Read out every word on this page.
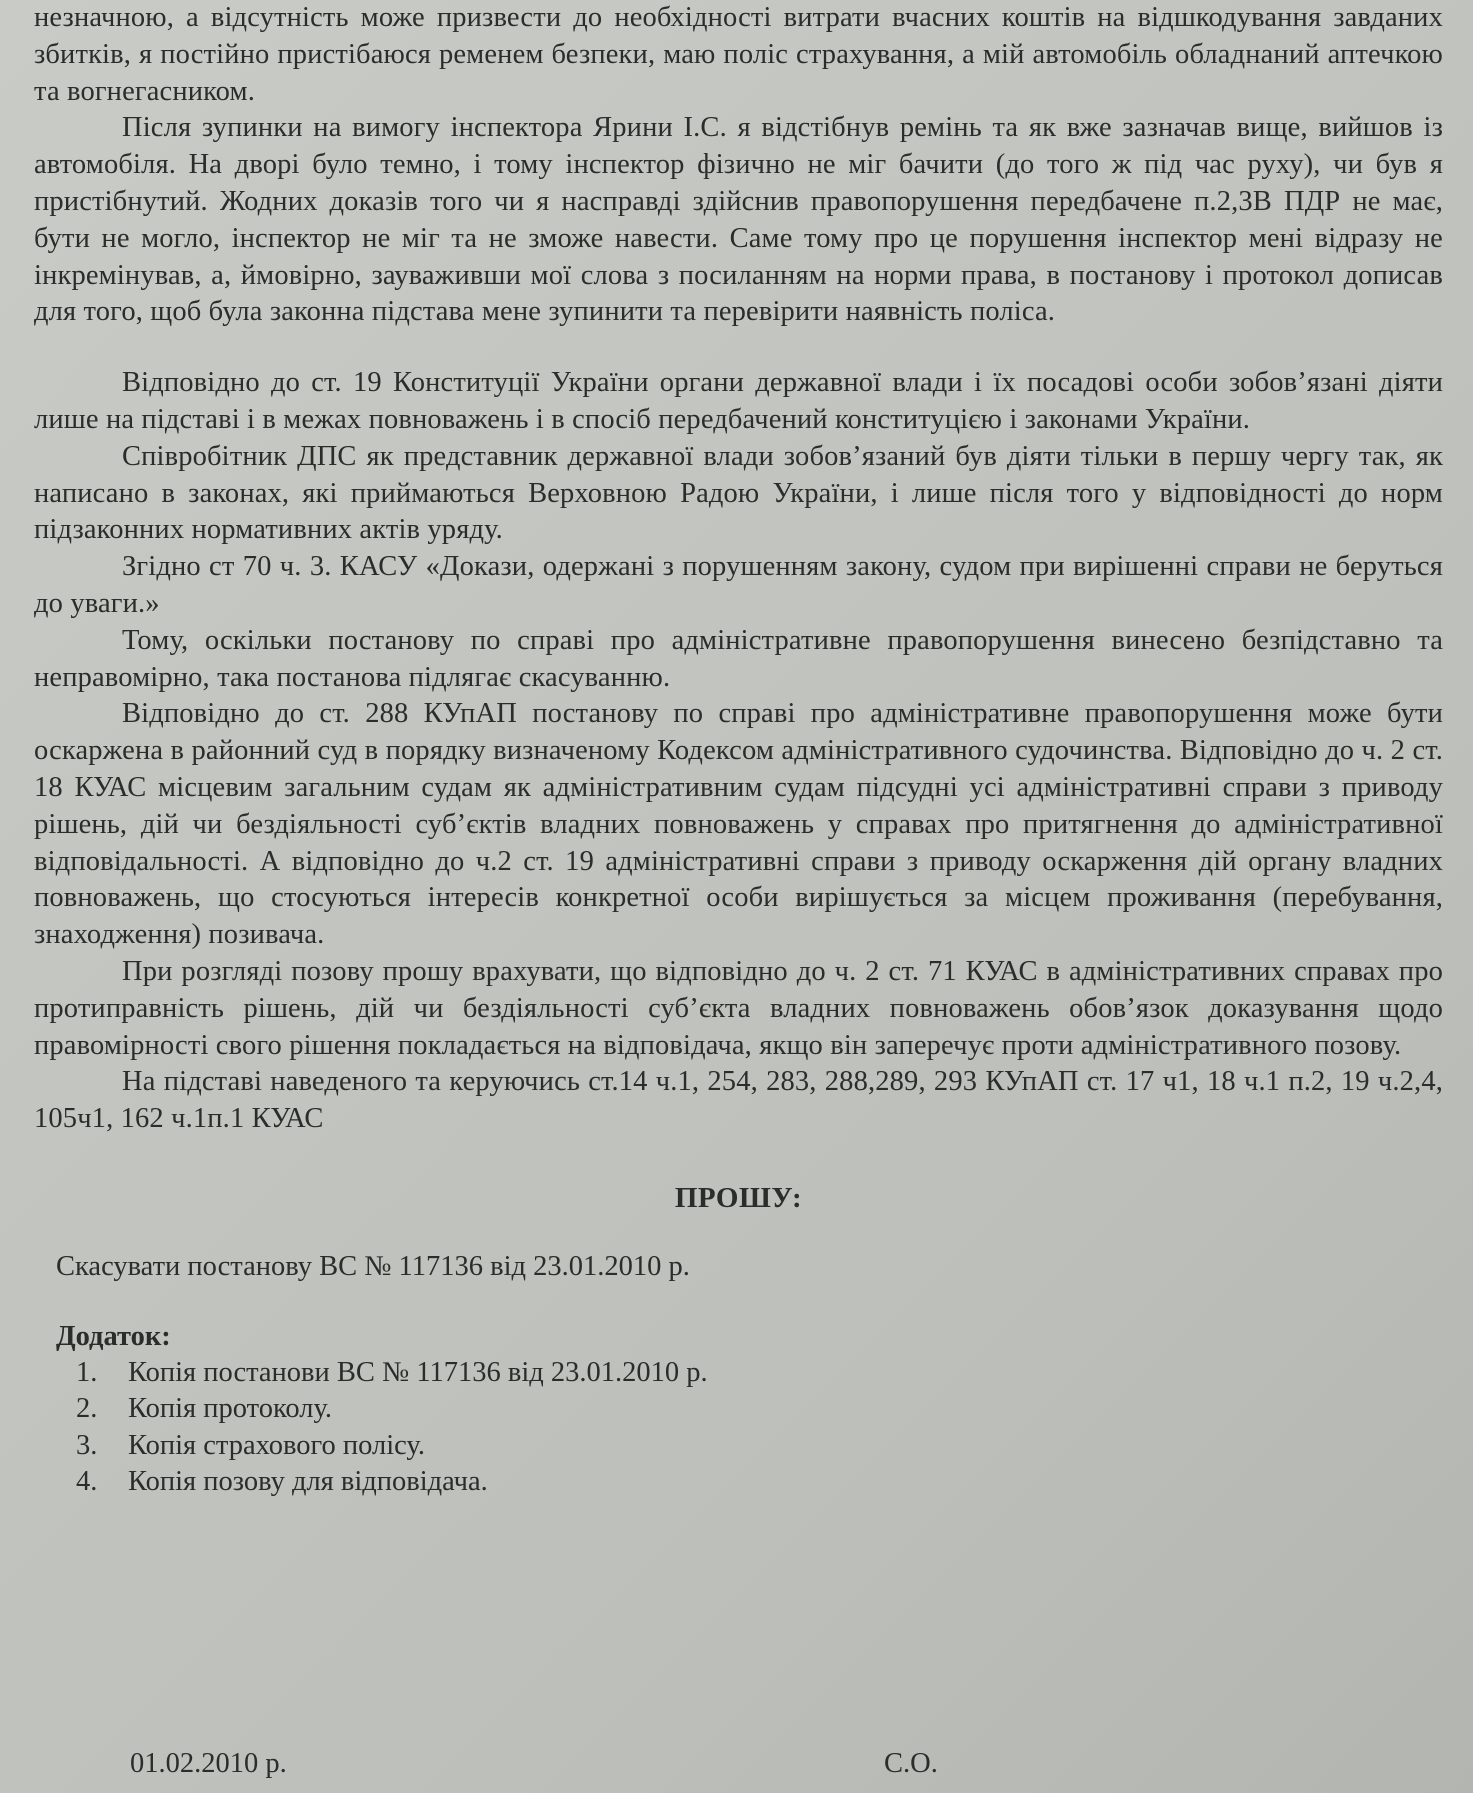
незначною, а відсутність може призвести до необхідності витрати вчасних коштів на відшкодування завданих збитків, я постійно пристібаюся ременем безпеки, маю поліс страхування, а мій автомобіль обладнаний аптечкою та вогнегасником.

Після зупинки на вимогу інспектора Ярини І.С. я відстібнув ремінь та як вже зазначав вище, вийшов із автомобіля. На дворі було темно, і тому інспектор фізично не міг бачити (до того ж під час руху), чи був я пристібнутий. Жодних доказів того чи я насправді здійснив правопорушення передбачене п.2,3В ПДР не має, бути не могло, інспектор не міг та не зможе навести. Саме тому про це порушення інспектор мені відразу не інкремінував, а, ймовірно, зауваживши мої слова з посиланням на норми права, в постанову і протокол дописав для того, щоб була законна підстава мене зупинити та перевірити наявність поліса.

Відповідно до ст. 19 Конституції України органи державної влади і їх посадові особи зобов’язані діяти лише на підставі і в межах повноважень і в спосіб передбачений конституцією і законами України.

Співробітник ДПС як представник державної влади зобов’язаний був діяти тільки в першу чергу так, як написано в законах, які приймаються Верховною Радою України, і лише після того у відповідності до норм підзаконних нормативних актів уряду.

Згідно ст 70 ч. 3. КАСУ «Докази, одержані з порушенням закону, судом при вирішенні справи не беруться до уваги.»

Тому, оскільки постанову по справі про адміністративне правопорушення винесено безпідставно та неправомірно, така постанова підлягає скасуванню.

Відповідно до ст. 288 КУпАП постанову по справі про адміністративне правопорушення може бути оскаржена в районний суд в порядку визначеному Кодексом адміністративного судочинства. Відповідно до ч. 2 ст. 18 КУАС місцевим загальним судам як адміністративним судам підсудні усі адміністративні справи з приводу рішень, дій чи бездіяльності суб’єктів владних повноважень у справах про притягнення до адміністративної відповідальності. А відповідно до ч.2 ст. 19 адміністративні справи з приводу оскарження дій органу владних повноважень, що стосуються інтересів конкретної особи вирішується за місцем проживання (перебування, знаходження) позивача.

При розгляді позову прошу врахувати, що відповідно до ч. 2 ст. 71 КУАС в адміністративних справах про протиправність рішень, дій чи бездіяльності суб’єкта владних повноважень обов’язок доказування щодо правомірності свого рішення покладається на відповідача, якщо він заперечує проти адміністративного позову.

На підставі наведеного та керуючись ст.14 ч.1, 254, 283, 288,289, 293 КУпАП ст. 17 ч1, 18 ч.1 п.2, 19 ч.2,4, 105ч1, 162 ч.1п.1 КУАС

ПРОШУ:

Скасувати постанову ВС № 117136 від 23.01.2010 р.

Додаток:

1.	Копія постанови ВС № 117136 від 23.01.2010 р.
2.	Копія протоколу.
3.	Копія страхового полісу.
4.	Копія позову для відповідача.
01.02.2010 р.	С.О.
